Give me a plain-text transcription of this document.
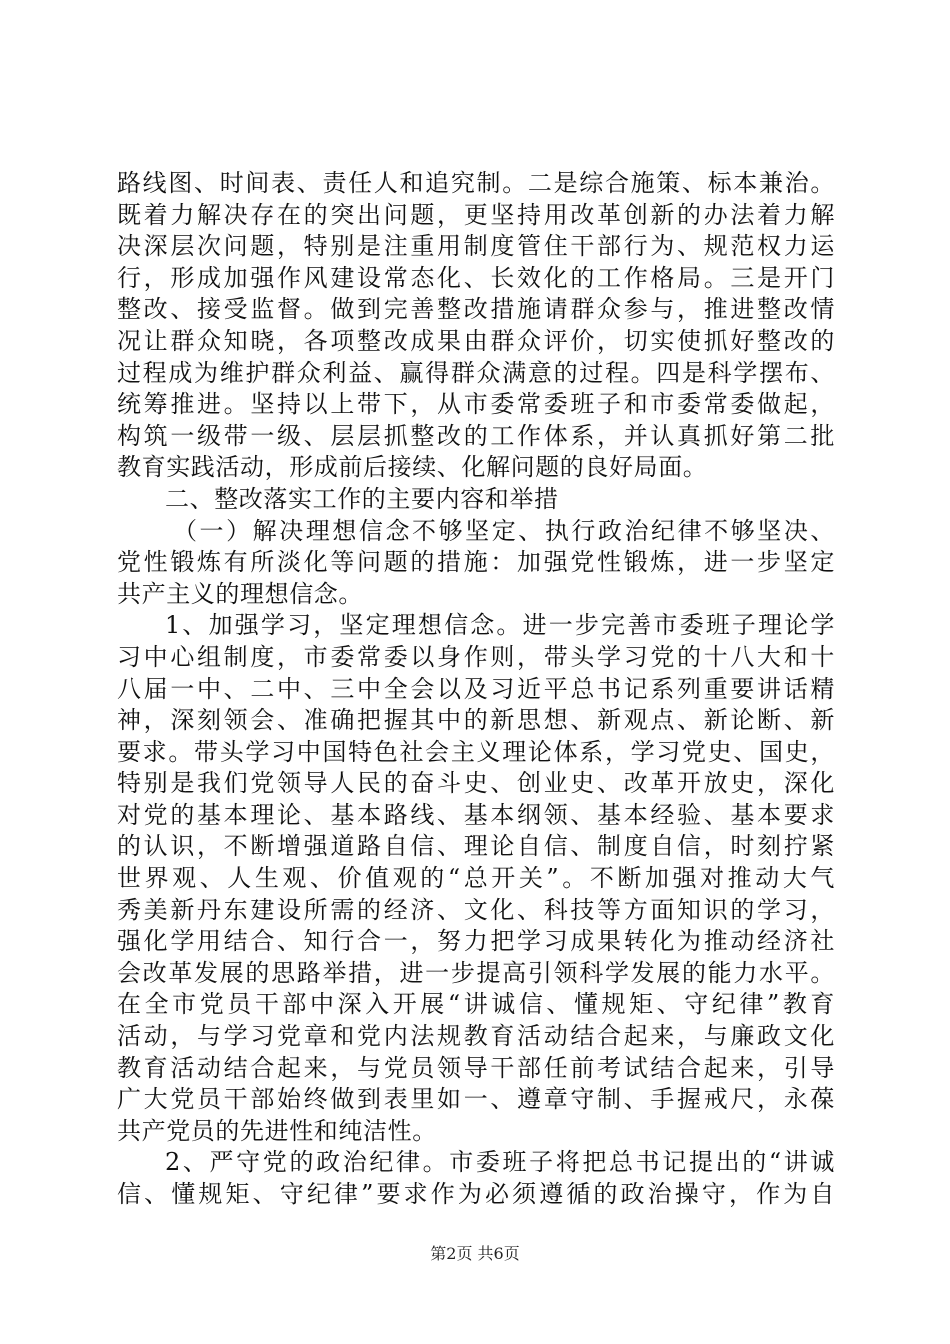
路线图、时间表、责任人和追究制。二是综合施策、标本兼治。
既着力解决存在的突出问题，更坚持用改革创新的办法着力解
决深层次问题，特别是注重用制度管住干部行为、规范权力运
行，形成加强作风建设常态化、长效化的工作格局。三是开门
整改、接受监督。做到完善整改措施请群众参与，推进整改情
况让群众知晓，各项整改成果由群众评价，切实使抓好整改的
过程成为维护群众利益、赢得群众满意的过程。四是科学摆布、
统筹推进。坚持以上带下，从市委常委班子和市委常委做起，
构筑一级带一级、层层抓整改的工作体系，并认真抓好第二批
教育实践活动，形成前后接续、化解问题的良好局面。
二、整改落实工作的主要内容和举措
（一）解决理想信念不够坚定、执行政治纪律不够坚决、
党性锻炼有所淡化等问题的措施：加强党性锻炼，进一步坚定
共产主义的理想信念。
1、加强学习，坚定理想信念。进一步完善市委班子理论学
习中心组制度，市委常委以身作则，带头学习党的十八大和十
八届一中、二中、三中全会以及习近平总书记系列重要讲话精
神，深刻领会、准确把握其中的新思想、新观点、新论断、新
要求。带头学习中国特色社会主义理论体系，学习党史、国史，
特别是我们党领导人民的奋斗史、创业史、改革开放史，深化
对党的基本理论、基本路线、基本纲领、基本经验、基本要求
的认识，不断增强道路自信、理论自信、制度自信，时刻拧紧
世界观、人生观、价值观的“总开关”。不断加强对推动大气
秀美新丹东建设所需的经济、文化、科技等方面知识的学习，
强化学用结合、知行合一，努力把学习成果转化为推动经济社
会改革发展的思路举措，进一步提高引领科学发展的能力水平。
在全市党员干部中深入开展“讲诚信、懂规矩、守纪律”教育
活动，与学习党章和党内法规教育活动结合起来，与廉政文化
教育活动结合起来，与党员领导干部任前考试结合起来，引导
广大党员干部始终做到表里如一、遵章守制、手握戒尺，永葆
共产党员的先进性和纯洁性。
2、严守党的政治纪律。市委班子将把总书记提出的“讲诚
信、懂规矩、守纪律”要求作为必须遵循的政治操守，作为自
第2页 共6页
